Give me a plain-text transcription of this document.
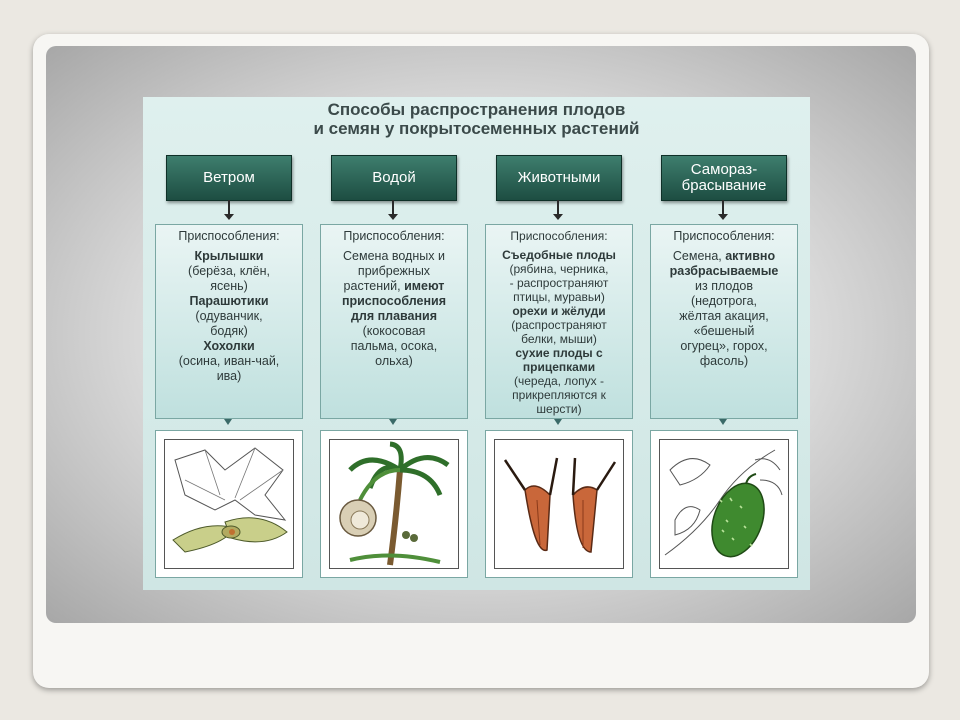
Способы распространения плодов
и семян у покрытосеменных растений
Ветром
Приспособления:
Крылышки
(берёза, клён,
ясень)
Парашютики
(одуванчик,
бодяк)
Хохолки
(осина, иван-чай,
ива)
Водой
Приспособления:
Семена водных и
прибрежных
растений, имеют
приспособления
для плавания
(кокосовая
пальма, осока,
ольха)
Животными
Приспособления:
Съедобные плоды
(рябина, черника,
- распространяют
птицы, муравьи)
орехи и жёлуди
(распространяют
белки, мыши)
сухие плоды с
прицепками
(череда, лопух -
прикрепляются к
шерсти)
Самораз-
брасывание
Приспособления:
Семена, активно
разбрасываемые
из плодов
(недотрога,
жёлтая акация,
«бешеный
огурец», горох,
фасоль)
